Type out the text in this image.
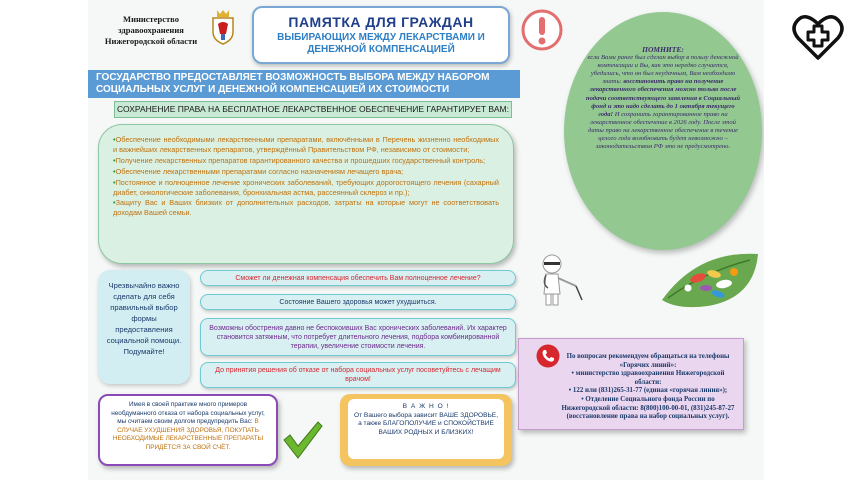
Министерство здравоохранения Нижегородской области
ПАМЯТКА ДЛЯ ГРАЖДАН
ВЫБИРАЮЩИХ МЕЖДУ ЛЕКАРСТВАМИ И ДЕНЕЖНОЙ КОМПЕНСАЦИЕЙ	ПОМНИТЕ:
если Вами ранее был сделан выбор в пользу денежной компенсации и Вы, как это нередко случается, убедились, что он был неудачным, Вам необходимо знать: восстановить право на получение лекарственного обеспечения можно только после подачи соответствующего заявления в Социальный фонд и это надо сделать до 1 октября текущего года! И сохранить гарантированное право на лекарственное обеспечение в 2026 году. После этой даты право на лекарственное обеспечение в течение целого года возобновить будет невозможно – законодательством РФ это не предусмотрено.
ГОСУДАРСТВО ПРЕДОСТАВЛЯЕТ ВОЗМОЖНОСТЬ ВЫБОРА МЕЖДУ НАБОРОМ СОЦИАЛЬНЫХ УСЛУГ И ДЕНЕЖНОЙ КОМПЕНСАЦИЕЙ ИХ СТОИМОСТИ
СОХРАНЕНИЕ ПРАВА НА БЕСПЛАТНОЕ ЛЕКАРСТВЕННОЕ ОБЕСПЕЧЕНИЕ ГАРАНТИРУЕТ ВАМ:

•Обеспечение необходимыми лекарственными препаратами, включёнными в Перечень жизненно необходимых и важнейших лекарственных препаратов, утверждённый Правительством РФ, независимо от стоимости;

•Получение лекарственных препаратов гарантированного качества и прошедших государственный контроль;

•Обеспечение лекарственными препаратами согласно назначениям лечащего врача;

•Постоянное и полноценное лечение хронических заболеваний, требующих дорогостоящего лечения (сахарный диабет, онкологические заболевания, бронхиальная астма, рассеянный склероз и пр.);

•Защиту Вас и Ваших близких от дополнительных расходов, затраты на которые могут не соответствовать доходам Вашей семьи.

Чрезвычайно важно сделать для себя правильный выбор формы предоставления социальной помощи. Подумайте!
Сможет ли денежная компенсация обеспечить Вам полноценное лечение?
Состояние Вашего здоровья может ухудшиться.
Возможны обострения давно не беспокоивших Вас хронических заболеваний. Их характер становится затяжным, что потребует длительного лечения, подбора комбинированной терапии, увеличение стоимости лечения.
До принятия решения об отказе от набора социальных услуг посоветуйтесь с лечащим врачом!
По вопросам рекомендуем обращаться на телефоны «Горячих линий»:
• министерство здравоохранения Нижегородской области:
• 122 или (831)265-31-77 (единая «горячая линия»);
• Отделение Социального фонда России по Нижегородской области: 8(800)100-00-01, (831)245-87-27 (восстановление права на набор социальных услуг).
Имея в своей практике много примеров необдуманного отказа от набора социальных услуг, мы считаем своим долгом предупредить Вас: В СЛУЧАЕ УХУДШЕНИЯ ЗДОРОВЬЯ, ПОКУПАТЬ НЕОБХОДИМЫЕ ЛЕКАРСТВЕННЫЕ ПРЕПАРАТЫ ПРИДЁТСЯ ЗА СВОЙ СЧЁТ.
В А Ж Н О !
От Вашего выбора зависит ВАШЕ ЗДОРОВЬЕ, а также БЛАГОПОЛУЧИЕ и СПОКОЙСТВИЕ ВАШИХ РОДНЫХ И БЛИЗКИХ!
